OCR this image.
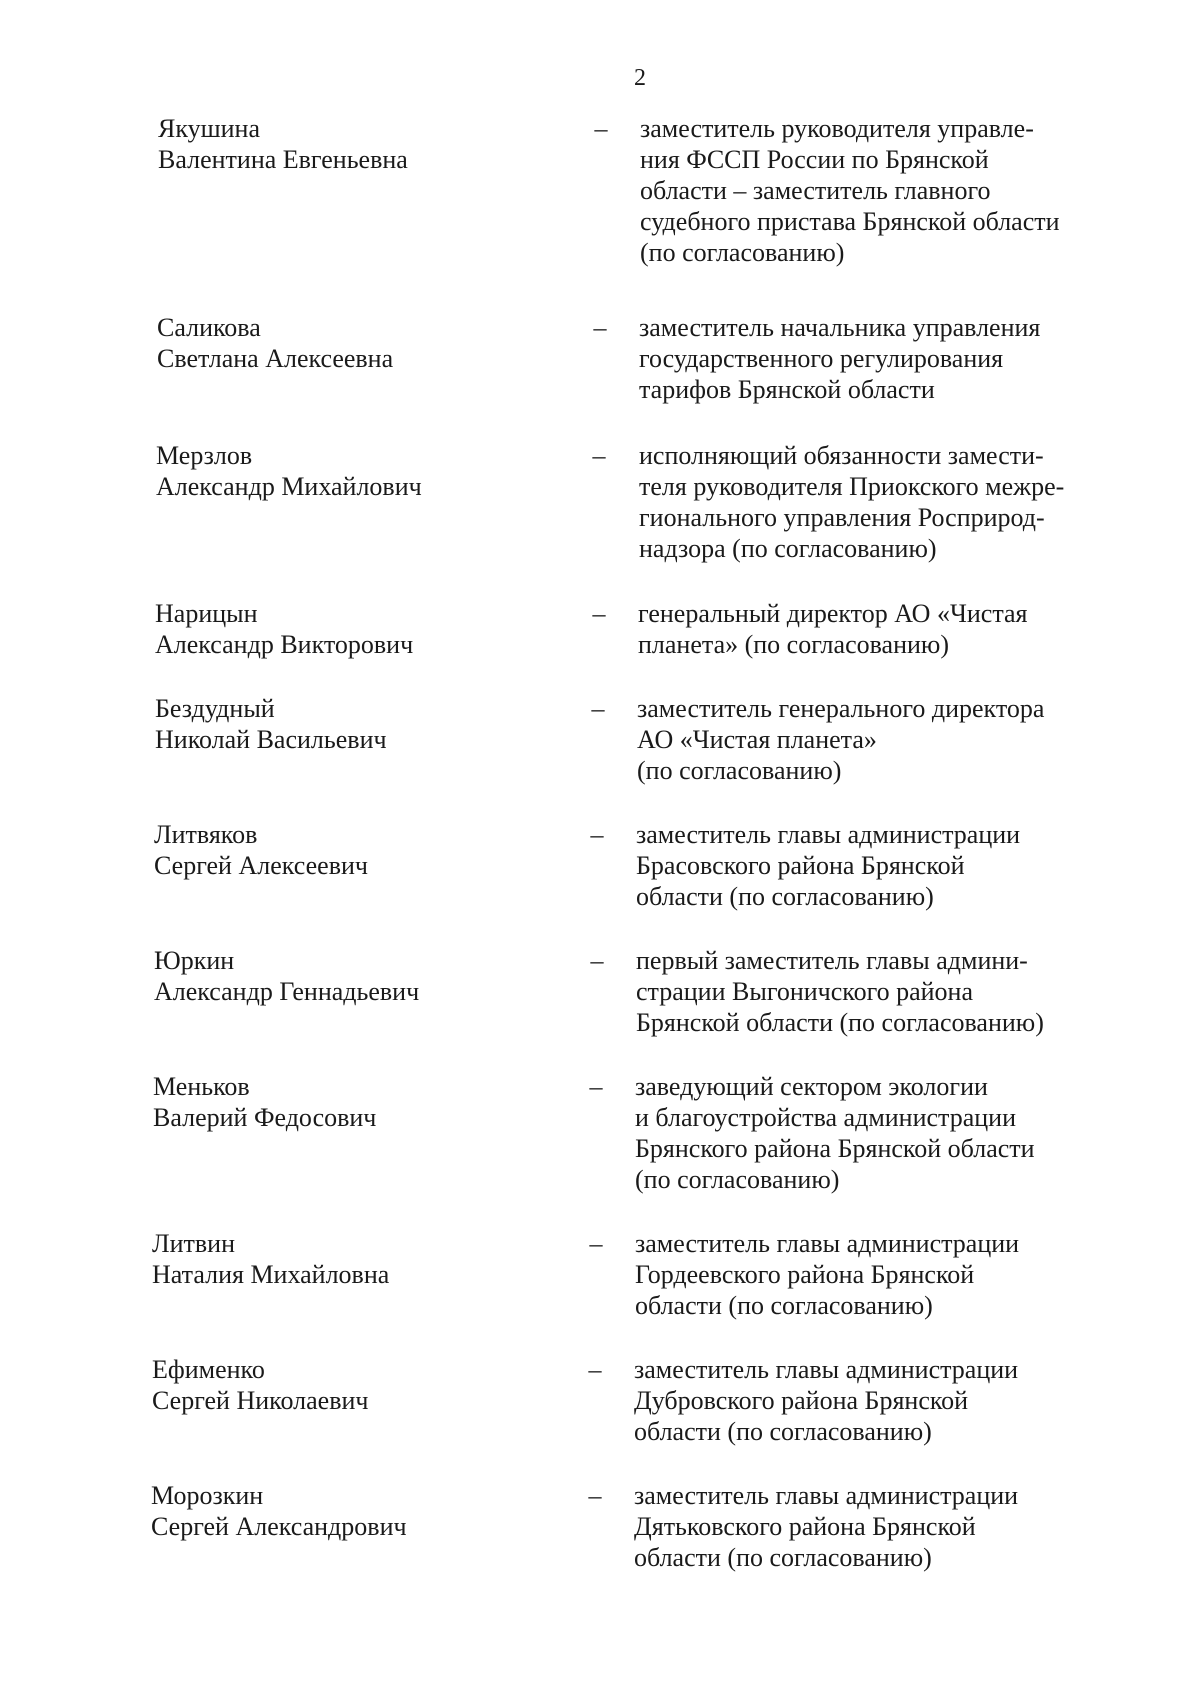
2
Якушина
Валентина Евгеньевна
– заместитель руководителя управле-
ния ФССП России по Брянской
области – заместитель главного
судебного пристава Брянской области
(по согласованию)
Саликова
Светлана Алексеевна
– заместитель начальника управления
государственного регулирования
тарифов Брянской области
Мерзлов
Александр Михайлович
– исполняющий обязанности замести-
теля руководителя Приокского межре-
гионального управления Росприрод-
надзора (по согласованию)
Нарицын
Александр Викторович
– генеральный директор АО «Чистая
планета» (по согласованию)
Бездудный
Николай Васильевич
– заместитель генерального директора
АО «Чистая планета»
(по согласованию)
Литвяков
Сергей Алексеевич
– заместитель главы администрации
Брасовского района Брянской
области (по согласованию)
Юркин
Александр Геннадьевич
– первый заместитель главы админи-
страции Выгоничского района
Брянской области (по согласованию)
Меньков
Валерий Федосович
– заведующий сектором экологии
и благоустройства администрации
Брянского района Брянской области
(по согласованию)
Литвин
Наталия Михайловна
– заместитель главы администрации
Гордеевского района Брянской
области (по согласованию)
Ефименко
Сергей Николаевич
– заместитель главы администрации
Дубровского района Брянской
области (по согласованию)
Морозкин
Сергей Александрович
– заместитель главы администрации
Дятьковского района Брянской
области (по согласованию)
